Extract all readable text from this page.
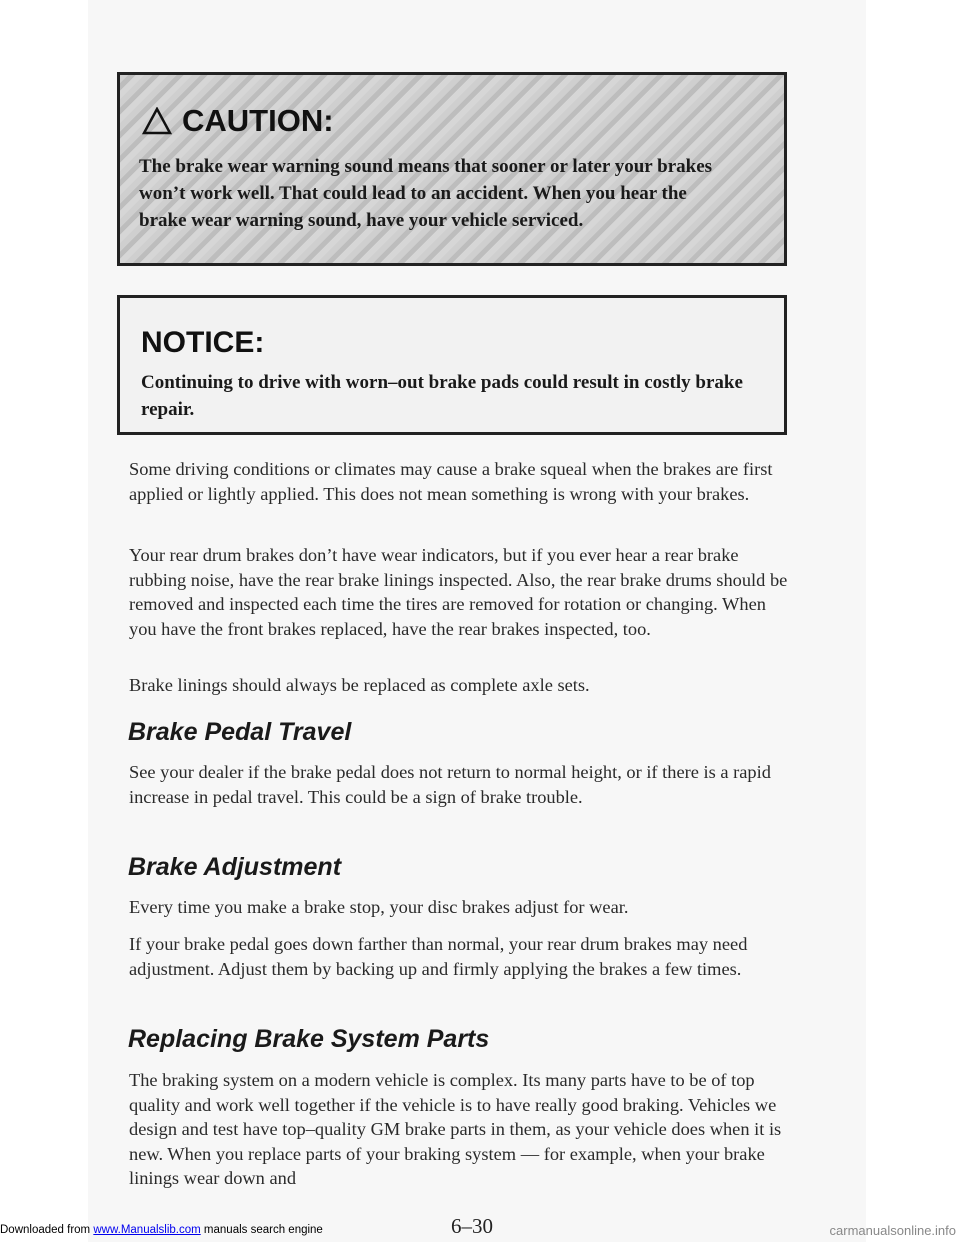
CAUTION:
The brake wear warning sound means that sooner or later your brakes won’t work well. That could lead to an accident. When you hear the brake wear warning sound, have your vehicle serviced.
NOTICE:
Continuing to drive with worn–out brake pads could result in costly brake repair.

Some driving conditions or climates may cause a brake squeal when the brakes are first applied or lightly applied. This does not mean something is wrong with your brakes.

Your rear drum brakes don’t have wear indicators, but if you ever hear a rear brake rubbing noise, have the rear brake linings inspected. Also, the rear brake drums should be removed and inspected each time the tires are removed for rotation or changing. When you have the front brakes replaced, have the rear brakes inspected, too.

Brake linings should always be replaced as complete axle sets.

Brake Pedal Travel

See your dealer if the brake pedal does not return to normal height, or if there is a rapid increase in pedal travel. This could be a sign of brake trouble.

Brake Adjustment

Every time you make a brake stop, your disc brakes adjust for wear.

If your brake pedal goes down farther than normal, your rear drum brakes may need adjustment. Adjust them by backing up and firmly applying the brakes a few times.

Replacing Brake System Parts

The braking system on a modern vehicle is complex. Its many parts have to be of top quality and work well together if the vehicle is to have really good braking. Vehicles we design and test have top–quality GM brake parts in them, as your vehicle does when it is new. When you replace parts of your braking system — for example, when your brake linings wear down and

Downloaded from www.Manualslib.com manuals search engine	6–30	carmanualsonline.info
